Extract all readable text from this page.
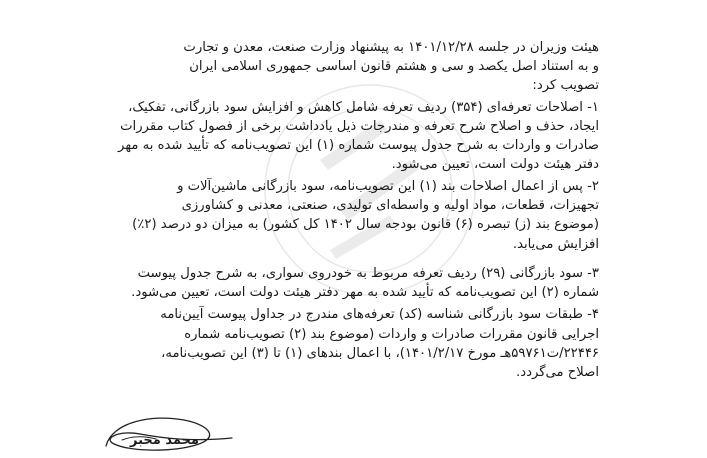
هیئت وزیران در جلسه ۱۴۰۱/۱۲/۲۸ به پیشنهاد وزارت صنعت، معدن و تجارت
و به استناد اصل یکصد و سی و هشتم قانون اساسی جمهوری اسلامی ایران
تصویب کرد:
۱- اصلاحات تعرفه‌ای (۳۵۴) ردیف تعرفه شامل کاهش و افزایش سود بازرگانی، تفکیک،
ایجاد، حذف و اصلاح شرح تعرفه و مندرجات ذیل یادداشت برخی از فصول کتاب مقررات
صادرات و واردات به شرح جدول پیوست شماره (۱) این تصویب‌نامه که تأیید شده به مهر
دفتر هیئت دولت است، تعیین می‌شود.
۲- پس از اعمال اصلاحات بند (۱) این تصویب‌نامه، سود بازرگانی ماشین‌آلات و
تجهیزات، قطعات، مواد اولیه و واسطه‌ای تولیدی، صنعتی، معدنی و کشاورزی
(موضوع بند (ز) تبصره (۶) قانون بودجه سال ۱۴۰۲ کل کشور) به میزان دو درصد (۲٪)
افزایش می‌یابد.
۳- سود بازرگانی (۲۹) ردیف تعرفه مربوط به خودروی سواری، به شرح جدول پیوست
شماره (۲) این تصویب‌نامه که تأیید شده به مهر دفتر هیئت دولت است، تعیین می‌شود.
۴- طبقات سود بازرگانی شناسه (کد) تعرفه‌های مندرج در جداول پیوست آیین‌نامه
اجرایی قانون مقررات صادرات و واردات (موضوع بند (۲) تصویب‌نامه شماره
۲۲۴۴۶/ت۵۹۷۶۱هـ مورخ ۱۴۰۱/۲/۱۷)، با اعمال بندهای (۱) تا (۳) این تصویب‌نامه،
اصلاح می‌گردد.
محمد مخبر
